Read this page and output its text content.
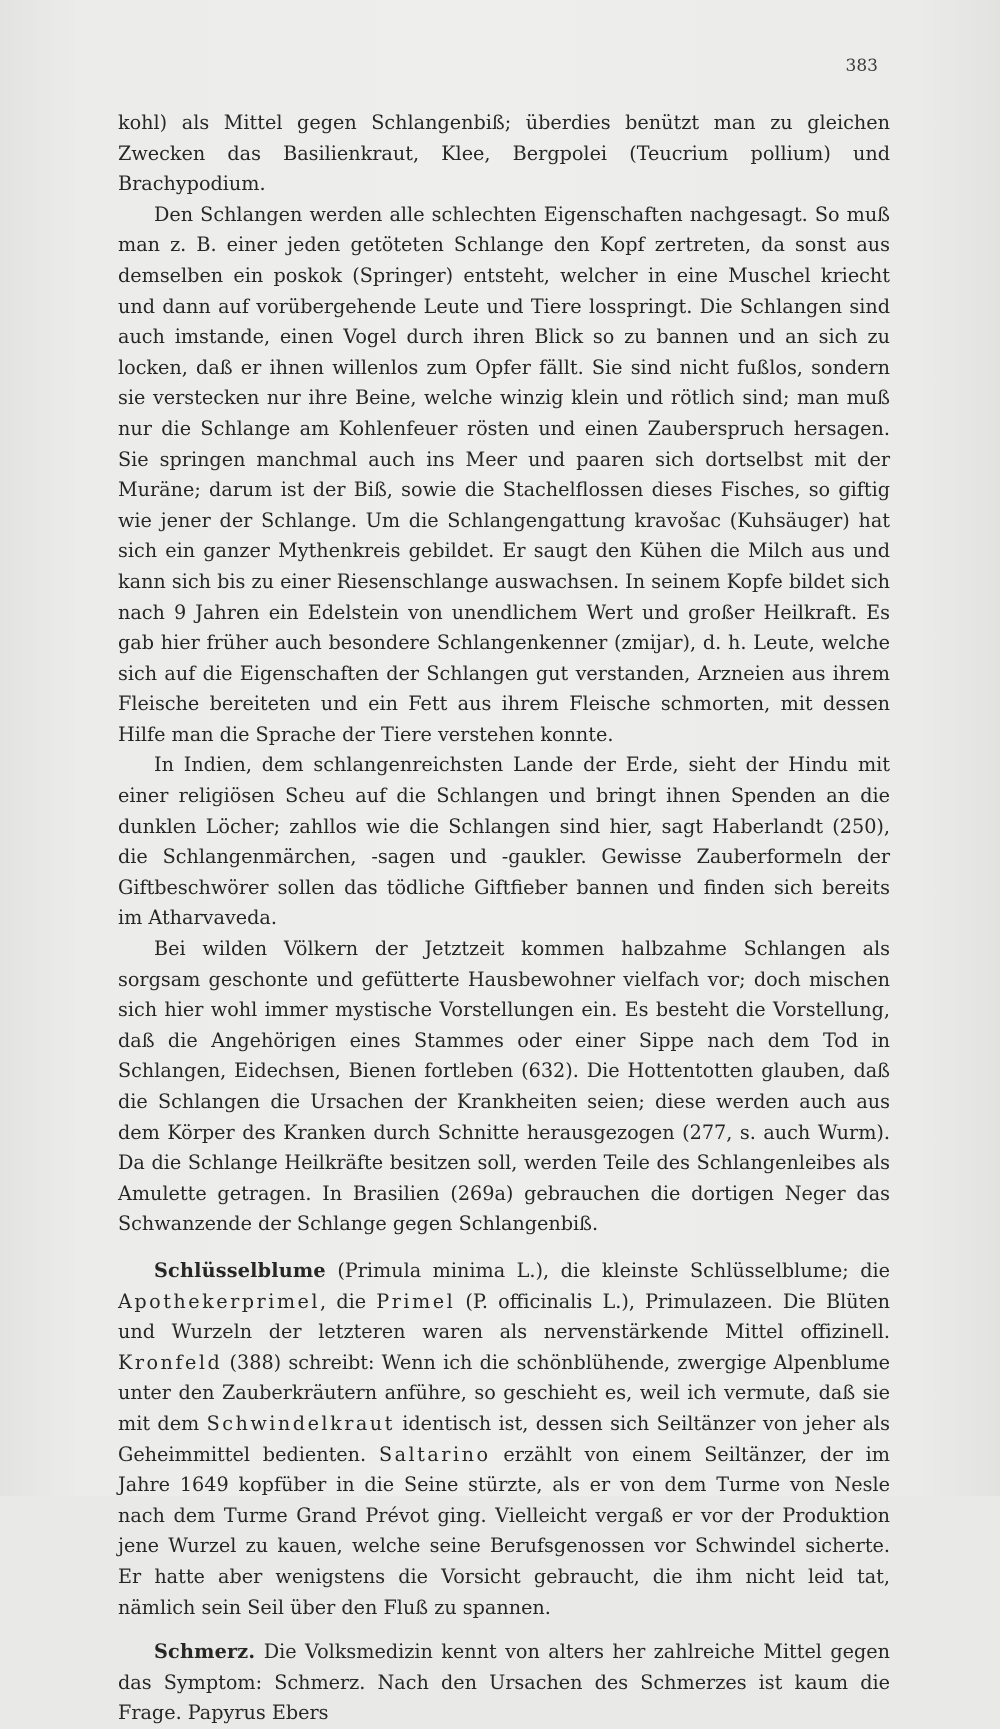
383

kohl) als Mittel gegen Schlangenbiß; überdies benützt man zu gleichen Zwecken das Basilienkraut, Klee, Bergpolei (Teucrium pollium) und Brachypodium.

Den Schlangen werden alle schlechten Eigenschaften nachgesagt. So muß man z. B. einer jeden getöteten Schlange den Kopf zertreten, da sonst aus demselben ein poskok (Springer) entsteht, welcher in eine Muschel kriecht und dann auf vorübergehende Leute und Tiere losspringt. Die Schlangen sind auch imstande, einen Vogel durch ihren Blick so zu bannen und an sich zu locken, daß er ihnen willenlos zum Opfer fällt. Sie sind nicht fußlos, sondern sie verstecken nur ihre Beine, welche winzig klein und rötlich sind; man muß nur die Schlange am Kohlenfeuer rösten und einen Zauberspruch hersagen. Sie springen manchmal auch ins Meer und paaren sich dortselbst mit der Muräne; darum ist der Biß, sowie die Stachelflossen dieses Fisches, so giftig wie jener der Schlange. Um die Schlangengattung kravošac (Kuhsäuger) hat sich ein ganzer Mythenkreis gebildet. Er saugt den Kühen die Milch aus und kann sich bis zu einer Riesenschlange auswachsen. In seinem Kopfe bildet sich nach 9 Jahren ein Edelstein von unendlichem Wert und großer Heilkraft. Es gab hier früher auch besondere Schlangenkenner (zmijar), d. h. Leute, welche sich auf die Eigenschaften der Schlangen gut verstanden, Arzneien aus ihrem Fleische bereiteten und ein Fett aus ihrem Fleische schmorten, mit dessen Hilfe man die Sprache der Tiere verstehen konnte.

In Indien, dem schlangenreichsten Lande der Erde, sieht der Hindu mit einer religiösen Scheu auf die Schlangen und bringt ihnen Spenden an die dunklen Löcher; zahllos wie die Schlangen sind hier, sagt Haberlandt (250), die Schlangenmärchen, -sagen und -gaukler. Gewisse Zauberformeln der Giftbeschwörer sollen das tödliche Giftfieber bannen und finden sich bereits im Atharvaveda.

Bei wilden Völkern der Jetztzeit kommen halbzahme Schlangen als sorgsam geschonte und gefütterte Hausbewohner vielfach vor; doch mischen sich hier wohl immer mystische Vorstellungen ein. Es besteht die Vorstellung, daß die Angehörigen eines Stammes oder einer Sippe nach dem Tod in Schlangen, Eidechsen, Bienen fortleben (632). Die Hottentotten glauben, daß die Schlangen die Ursachen der Krankheiten seien; diese werden auch aus dem Körper des Kranken durch Schnitte herausgezogen (277, s. auch Wurm). Da die Schlange Heilkräfte besitzen soll, werden Teile des Schlangenleibes als Amulette getragen. In Brasilien (269a) gebrauchen die dortigen Neger das Schwanzende der Schlange gegen Schlangenbiß.

Schlüsselblume (Primula minima L.), die kleinste Schlüsselblume; die Apothekerprimel, die Primel (P. officinalis L.), Primulazeen. Die Blüten und Wurzeln der letzteren waren als nervenstärkende Mittel offizinell. Kronfeld (388) schreibt: Wenn ich die schönblühende, zwergige Alpenblume unter den Zauberkräutern anführe, so geschieht es, weil ich vermute, daß sie mit dem Schwindelkraut identisch ist, dessen sich Seiltänzer von jeher als Geheimmittel bedienten. Saltarino erzählt von einem Seiltänzer, der im Jahre 1649 kopfüber in die Seine stürzte, als er von dem Turme von Nesle nach dem Turme Grand Prévot ging. Vielleicht vergaß er vor der Produktion jene Wurzel zu kauen, welche seine Berufsgenossen vor Schwindel sicherte. Er hatte aber wenigstens die Vorsicht gebraucht, die ihm nicht leid tat, nämlich sein Seil über den Fluß zu spannen.

Schmerz. Die Volksmedizin kennt von alters her zahlreiche Mittel gegen das Symptom: Schmerz. Nach den Ursachen des Schmerzes ist kaum die Frage. Papyrus Ebers
